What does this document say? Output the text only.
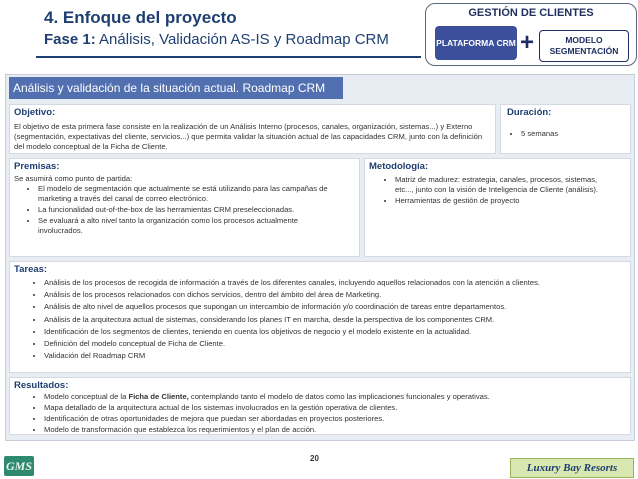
4. Enfoque del proyecto
Fase 1: Análisis, Validación AS-IS y Roadmap CRM
GESTIÓN DE CLIENTES
PLATAFORMA CRM +	MODELO SEGMENTACIÓN
Análisis y validación de la situación actual. Roadmap CRM
Objetivo:
El objetivo de esta primera fase consiste en la realización de un Análisis Interno (procesos, canales, organización, sistemas...) y Externo (segmentación, expectativas del cliente, servicios...) que permita validar la situación actual de las capacidades CRM, junto con la definición del modelo conceptual de la Ficha de Cliente.
Duración:
• 5 semanas
Premisas:
Se asumirá como punto de partida:
• El modelo de segmentación que actualmente se está utilizando para las campañas de marketing a través del canal de correo electrónico.
• La funcionalidad out-of-the-box de las herramientas CRM preseleccionadas.
• Se evaluará a alto nivel tanto la organización como los procesos actualmente involucrados.
Metodología:
• Matriz de madurez: estrategia, canales, procesos, sistemas, etc..., junto con la visión de Inteligencia de Cliente (análisis).
• Herramientas de gestión de proyecto
Tareas:
• Análisis de los procesos de recogida de información a través de los diferentes canales, incluyendo aquellos relacionados con la atención a clientes.
• Análisis de los procesos relacionados con dichos servicios, dentro del ámbito del área de Marketing.
• Análisis de alto nivel de aquellos procesos que supongan un intercambio de información y/o coordinación de tareas entre departamentos.
• Análisis de la arquitectura actual de sistemas, considerando los planes IT en marcha, desde la perspectiva de los componentes CRM.
• Identificación de los segmentos de clientes, teniendo en cuenta los objetivos de negocio y el modelo existente en la actualidad.
• Definición del modelo conceptual de Ficha de Cliente.
• Validación del Roadmap CRM
Resultados:
• Modelo conceptual de la Ficha de Cliente, contemplando tanto el modelo de datos como las implicaciones funcionales y operativas.
• Mapa detallado de la arquitectura actual de los sistemas involucrados en la gestión operativa de clientes.
• Identificación de otras oportunidades de mejora que puedan ser abordadas en proyectos posteriores.
• Modelo de transformación que establezca los requerimientos y el plan de acción.
20
GMS	Luxury Bay Resorts
